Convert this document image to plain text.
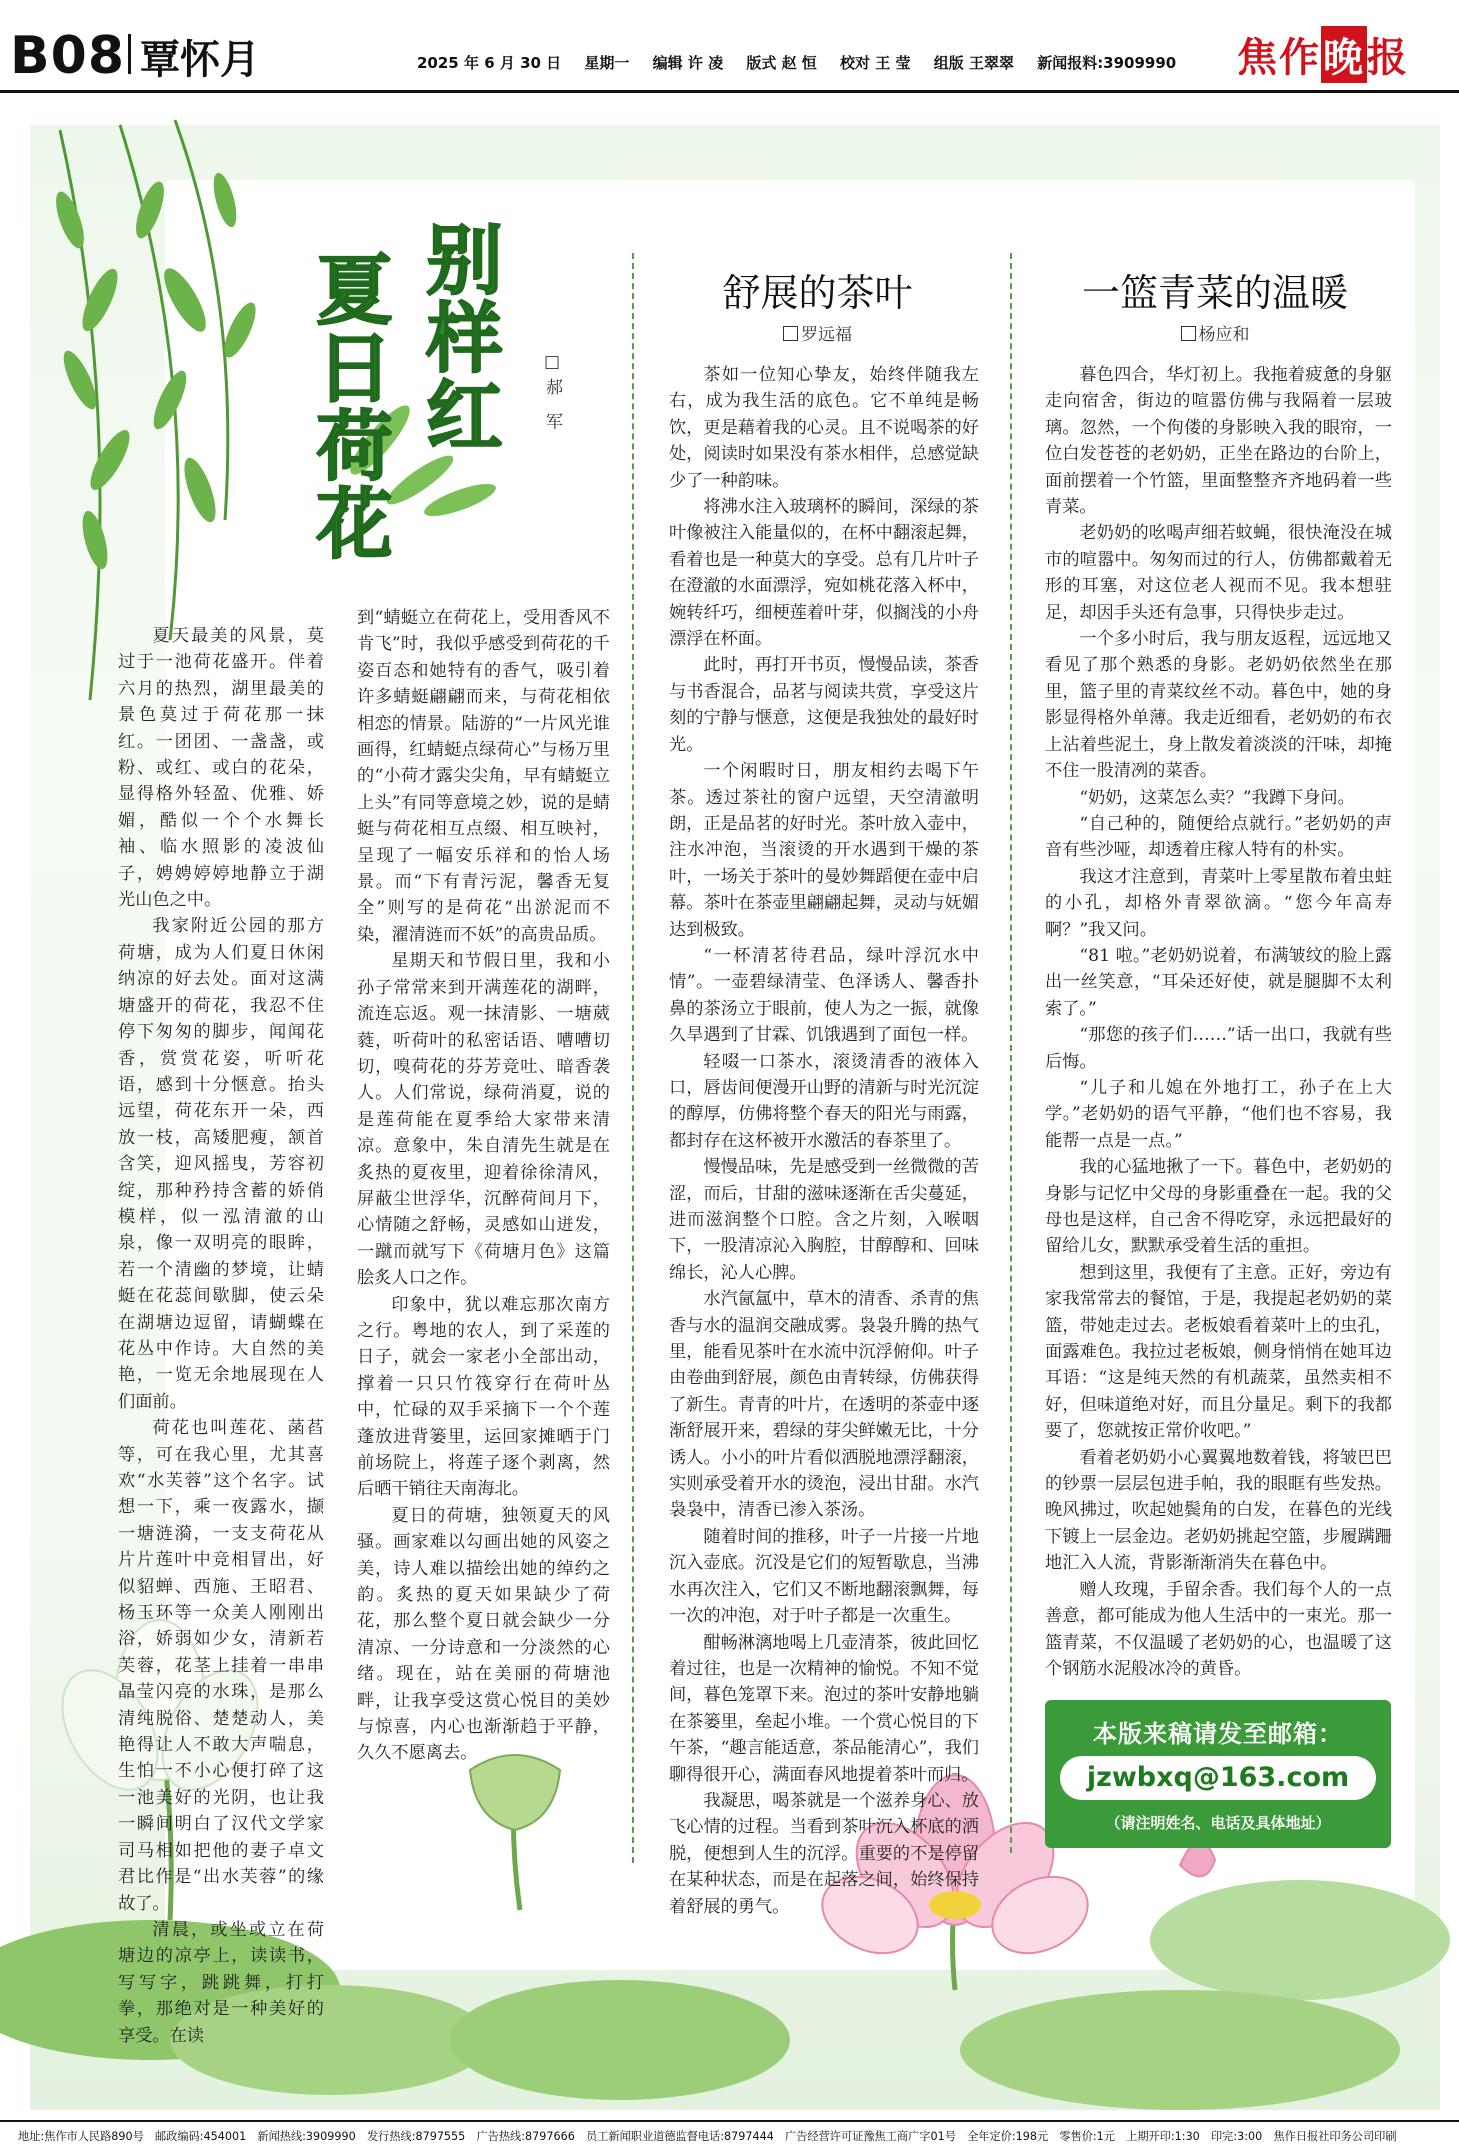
B08 覃怀月	2025 年 6 月 30 日 星期一 编辑 许 凌 版式 赵 恒 校对 王 莹 组版 王翠翠 新闻报料:3909990	焦作晚报
别样红
夏日荷花	□郝 军

夏天最美的风景，莫过于一池荷花盛开。伴着六月的热烈，湖里最美的景色莫过于荷花那一抹红。一团团、一盏盏，或粉、或红、或白的花朵，显得格外轻盈、优雅、娇媚，酷似一个个水舞长袖、临水照影的凌波仙子，娉娉婷婷地静立于湖光山色之中。

我家附近公园的那方荷塘，成为人们夏日休闲纳凉的好去处。面对这满塘盛开的荷花，我忍不住停下匆匆的脚步，闻闻花香，赏赏花姿，听听花语，感到十分惬意。抬头远望，荷花东开一朵，西放一枝，高矮肥瘦，颔首含笑，迎风摇曳，芳容初绽，那种矜持含蓄的娇俏模样，似一泓清澈的山泉，像一双明亮的眼眸，若一个清幽的梦境，让蜻蜓在花蕊间歇脚，使云朵在湖塘边逗留，请蝴蝶在花丛中作诗。大自然的美艳，一览无余地展现在人们面前。

荷花也叫莲花、菡萏等，可在我心里，尤其喜欢“水芙蓉”这个名字。试想一下，乘一夜露水，撷一塘涟漪，一支支荷花从片片莲叶中竞相冒出，好似貂蝉、西施、王昭君、杨玉环等一众美人刚刚出浴，娇弱如少女，清新若芙蓉，花茎上挂着一串串晶莹闪亮的水珠，是那么清纯脱俗、楚楚动人，美艳得让人不敢大声喘息，生怕一不小心便打碎了这一池美好的光阴，也让我一瞬间明白了汉代文学家司马相如把他的妻子卓文君比作是“出水芙蓉”的缘故了。

清晨，或坐或立在荷塘边的凉亭上，读读书，写写字，跳跳舞，打打拳，那绝对是一种美好的享受。在读

到“蜻蜓立在荷花上，受用香风不肯飞”时，我似乎感受到荷花的千姿百态和她特有的香气，吸引着许多蜻蜓翩翩而来，与荷花相依相恋的情景。陆游的“一片风光谁画得，红蜻蜓点绿荷心”与杨万里的“小荷才露尖尖角，早有蜻蜓立上头”有同等意境之妙，说的是蜻蜓与荷花相互点缀、相互映衬，呈现了一幅安乐祥和的怡人场景。而“下有青污泥，馨香无复全”则写的是荷花“出淤泥而不染，濯清涟而不妖”的高贵品质。

星期天和节假日里，我和小孙子常常来到开满莲花的湖畔，流连忘返。观一抹清影、一塘葳蕤，听荷叶的私密话语、嘈嘈切切，嗅荷花的芬芳竞吐、暗香袭人。人们常说，绿荷消夏，说的是莲荷能在夏季给大家带来清凉。意象中，朱自清先生就是在炙热的夏夜里，迎着徐徐清风，屏蔽尘世浮华，沉醉荷间月下，心情随之舒畅，灵感如山迸发，一蹴而就写下《荷塘月色》这篇脍炙人口之作。

印象中，犹以难忘那次南方之行。粤地的农人，到了采莲的日子，就会一家老小全部出动，撑着一只只竹筏穿行在荷叶丛中，忙碌的双手采摘下一个个莲蓬放进背篓里，运回家摊晒于门前场院上，将莲子逐个剥离，然后晒干销往天南海北。

夏日的荷塘，独领夏天的风骚。画家难以勾画出她的风姿之美，诗人难以描绘出她的绰约之韵。炙热的夏天如果缺少了荷花，那么整个夏日就会缺少一分清凉、一分诗意和一分淡然的心绪。现在，站在美丽的荷塘池畔，让我享受这赏心悦目的美妙与惊喜，内心也渐渐趋于平静，久久不愿离去。

舒展的茶叶
罗远福

茶如一位知心挚友，始终伴随我左右，成为我生活的底色。它不单纯是畅饮，更是藉着我的心灵。且不说喝茶的好处，阅读时如果没有茶水相伴，总感觉缺少了一种韵味。

将沸水注入玻璃杯的瞬间，深绿的茶叶像被注入能量似的，在杯中翻滚起舞，看着也是一种莫大的享受。总有几片叶子在澄澈的水面漂浮，宛如桃花落入杯中，婉转纤巧，细梗莲着叶芽，似搁浅的小舟漂浮在杯面。

此时，再打开书页，慢慢品读，茶香与书香混合，品茗与阅读共赏，享受这片刻的宁静与惬意，这便是我独处的最好时光。

一个闲暇时日，朋友相约去喝下午茶。透过茶社的窗户远望，天空清澈明朗，正是品茗的好时光。茶叶放入壶中，注水冲泡，当滚烫的开水遇到干燥的茶叶，一场关于茶叶的曼妙舞蹈便在壶中启幕。茶叶在茶壶里翩翩起舞，灵动与妩媚达到极致。

“一杯清茗待君品，绿叶浮沉水中情”。一壶碧绿清莹、色泽诱人、馨香扑鼻的茶汤立于眼前，使人为之一振，就像久旱遇到了甘霖、饥饿遇到了面包一样。

轻啜一口茶水，滚烫清香的液体入口，唇齿间便漫开山野的清新与时光沉淀的醇厚，仿佛将整个春天的阳光与雨露，都封存在这杯被开水激活的春茶里了。

慢慢品味，先是感受到一丝微微的苦涩，而后，甘甜的滋味逐渐在舌尖蔓延，进而滋润整个口腔。含之片刻，入喉咽下，一股清凉沁入胸腔，甘醇醇和、回味绵长，沁人心脾。

水汽氤氲中，草木的清香、杀青的焦香与水的温润交融成雾。袅袅升腾的热气里，能看见茶叶在水流中沉浮俯仰。叶子由卷曲到舒展，颜色由青转绿，仿佛获得了新生。青青的叶片，在透明的茶壶中逐渐舒展开来，碧绿的芽尖鲜嫩无比，十分诱人。小小的叶片看似洒脱地漂浮翻滚，实则承受着开水的烫泡，浸出甘甜。水汽袅袅中，清香已渗入茶汤。

随着时间的推移，叶子一片接一片地沉入壶底。沉没是它们的短暂歇息，当沸水再次注入，它们又不断地翻滚飘舞，每一次的冲泡，对于叶子都是一次重生。

酣畅淋漓地喝上几壶清茶，彼此回忆着过往，也是一次精神的愉悦。不知不觉间，暮色笼罩下来。泡过的茶叶安静地躺在茶篓里，垒起小堆。一个赏心悦目的下午茶，“趣言能适意，茶品能清心”，我们聊得很开心，满面春风地提着茶叶而归。

我凝思，喝茶就是一个滋养身心、放飞心情的过程。当看到茶叶沉入杯底的洒脱，便想到人生的沉浮。重要的不是停留在某种状态，而是在起落之间，始终保持着舒展的勇气。

一篮青菜的温暖
杨应和

暮色四合，华灯初上。我拖着疲惫的身躯走向宿舍，街边的喧嚣仿佛与我隔着一层玻璃。忽然，一个佝偻的身影映入我的眼帘，一位白发苍苍的老奶奶，正坐在路边的台阶上，面前摆着一个竹篮，里面整整齐齐地码着一些青菜。

老奶奶的吆喝声细若蚊蝇，很快淹没在城市的喧嚣中。匆匆而过的行人，仿佛都戴着无形的耳塞，对这位老人视而不见。我本想驻足，却因手头还有急事，只得快步走过。

一个多小时后，我与朋友返程，远远地又看见了那个熟悉的身影。老奶奶依然坐在那里，篮子里的青菜纹丝不动。暮色中，她的身影显得格外单薄。我走近细看，老奶奶的布衣上沾着些泥土，身上散发着淡淡的汗味，却掩不住一股清冽的菜香。

“奶奶，这菜怎么卖？”我蹲下身问。

“自己种的，随便给点就行。”老奶奶的声音有些沙哑，却透着庄稼人特有的朴实。

我这才注意到，青菜叶上零星散布着虫蛀的小孔，却格外青翠欲滴。“您今年高寿啊？”我又问。

“81 啦。”老奶奶说着，布满皱纹的脸上露出一丝笑意，“耳朵还好使，就是腿脚不太利索了。”

“那您的孩子们……”话一出口，我就有些后悔。

“儿子和儿媳在外地打工，孙子在上大学。”老奶奶的语气平静，“他们也不容易，我能帮一点是一点。”

我的心猛地揪了一下。暮色中，老奶奶的身影与记忆中父母的身影重叠在一起。我的父母也是这样，自己舍不得吃穿，永远把最好的留给儿女，默默承受着生活的重担。

想到这里，我便有了主意。正好，旁边有家我常常去的餐馆，于是，我提起老奶奶的菜篮，带她走过去。老板娘看着菜叶上的虫孔，面露难色。我拉过老板娘，侧身悄悄在她耳边耳语：“这是纯天然的有机蔬菜，虽然卖相不好，但味道绝对好，而且分量足。剩下的我都要了，您就按正常价收吧。”

看着老奶奶小心翼翼地数着钱，将皱巴巴的钞票一层层包进手帕，我的眼眶有些发热。晚风拂过，吹起她鬓角的白发，在暮色的光线下镀上一层金边。老奶奶挑起空篮，步履蹒跚地汇入人流，背影渐渐消失在暮色中。

赠人玫瑰，手留余香。我们每个人的一点善意，都可能成为他人生活中的一束光。那一篮青菜，不仅温暖了老奶奶的心，也温暖了这个钢筋水泥般冰冷的黄昏。

本版来稿请发至邮箱：
jzwbxq@163.com
（请注明姓名、电话及具体地址）
地址:焦作市人民路890号　邮政编码:454001　新闻热线:3909990　发行热线:8797555　广告热线:8797666　员工新闻职业道德监督电话:8797444　广告经营许可证豫焦工商广字01号　全年定价:198元　零售价:1元　上期开印:1:30　印完:3:00　焦作日报社印务公司印刷
